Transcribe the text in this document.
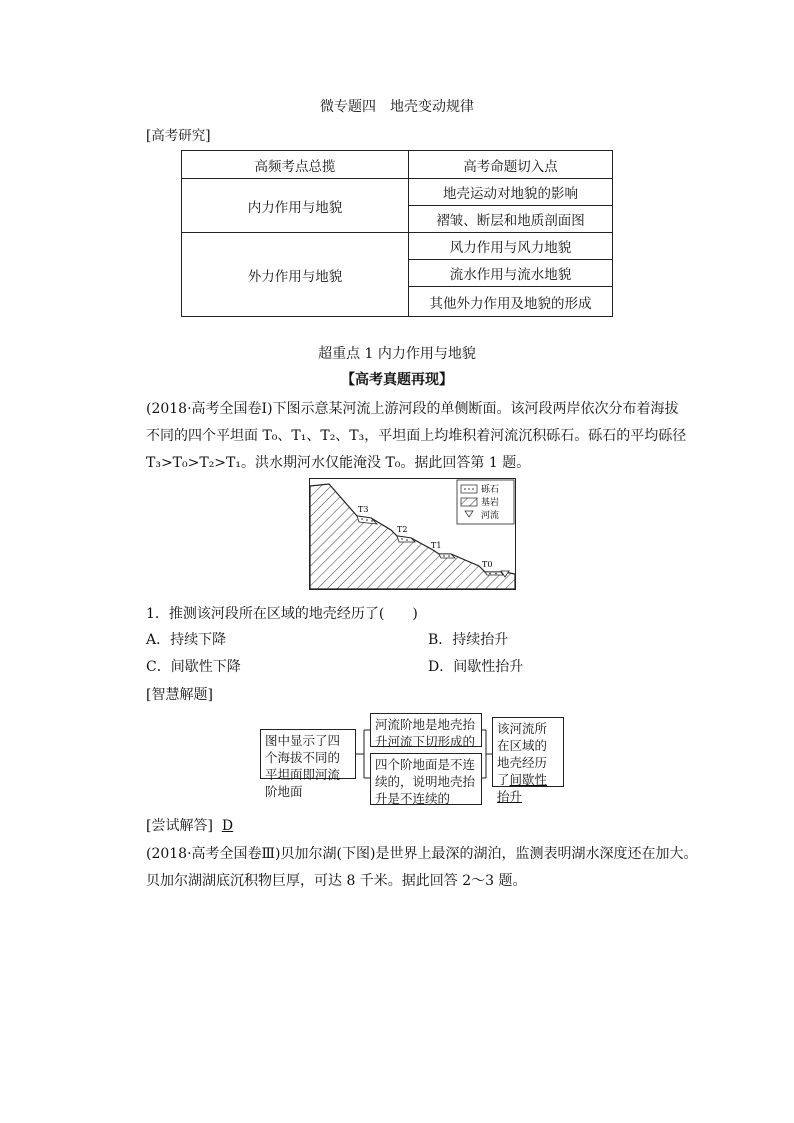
微专题四　地壳变动规律
[高考研究]
高频考点总揽	高考命题切入点
内力作用与地貌	地壳运动对地貌的影响
	褶皱、断层和地质剖面图
外力作用与地貌	风力作用与风力地貌
	流水作用与流水地貌
	其他外力作用及地貌的形成
超重点 1 内力作用与地貌
【高考真题再现】
(2018·高考全国卷Ⅰ)下图示意某河流上游河段的单侧断面。该河段两岸依次分布着海拔
不同的四个平坦面 T₀、T₁、T₂、T₃，平坦面上均堆积着河流沉积砾石。砾石的平均砾径
T₃>T₀>T₂>T₁。洪水期河水仅能淹没 T₀。据此回答第 1 题。
T3
T2
T1
T0
砾石
基岩
河流
1．推测该河段所在区域的地壳经历了(　　)
A．持续下降	B．持续抬升
C．间歇性下降	D．间歇性抬升
[智慧解题]
图中显示了四个海拔不同的平坦面即河流阶地面
河流阶地是地壳抬
升河流下切形成的
四个阶地面是不连续的，说明地壳抬升是不连续的
该河流所在区域的地壳经历了间歇性抬升
[尝试解答] D
(2018·高考全国卷Ⅲ)贝加尔湖(下图)是世界上最深的湖泊，监测表明湖水深度还在加大。
贝加尔湖湖底沉积物巨厚，可达 8 千米。据此回答 2～3 题。
